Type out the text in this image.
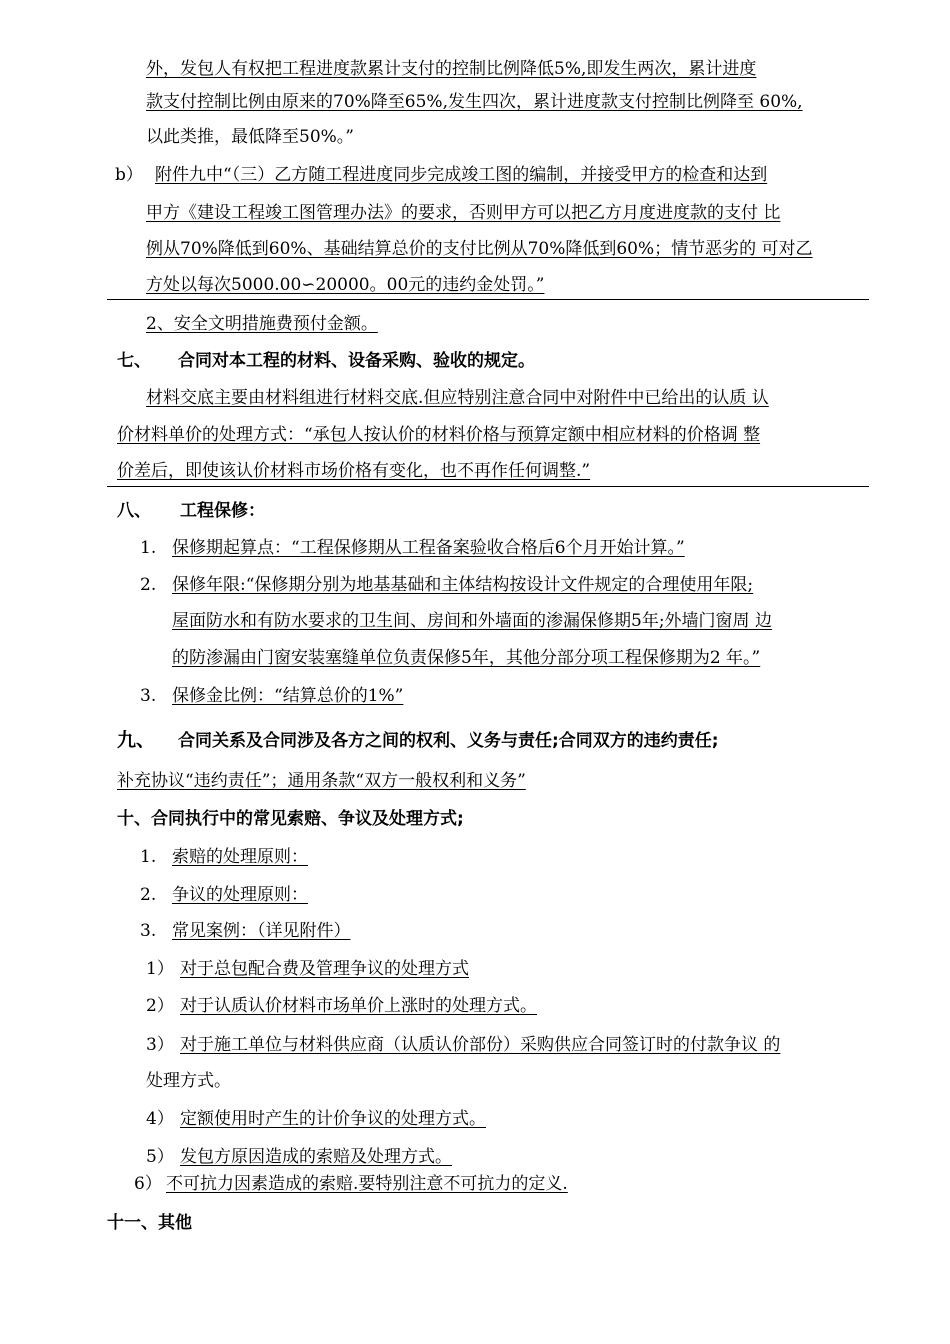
外，发包人有权把工程进度款累计支付的控制比例降低5%,即发生两次，累计进度
款支付控制比例由原来的70%降至65%,发生四次，累计进度款支付控制比例降至 60%,
以此类推，最低降至50%。”
b） 附件九中“（三）乙方随工程进度同步完成竣工图的编制，并接受甲方的检查和达到
甲方《建设工程竣工图管理办法》的要求，否则甲方可以把乙方月度进度款的支付 比
例从70%降低到60%、基础结算总价的支付比例从70%降低到60%；情节恶劣的 可对乙
方处以每次5000.00∽20000。00元的违约金处罚。”
2、安全文明措施费预付金额。
七、 合同对本工程的材料、设备采购、验收的规定。
材料交底主要由材料组进行材料交底.但应特别注意合同中对附件中已给出的认质 认
价材料单价的处理方式：“承包人按认价的材料价格与预算定额中相应材料的价格调 整
价差后，即使该认价材料市场价格有变化，也不再作任何调整.”
八、 工程保修：
1. 保修期起算点：“工程保修期从工程备案验收合格后6个月开始计算。”
2. 保修年限:“保修期分别为地基基础和主体结构按设计文件规定的合理使用年限;
屋面防水和有防水要求的卫生间、房间和外墙面的渗漏保修期5年;外墙门窗周 边
的防渗漏由门窗安装塞缝单位负责保修5年，其他分部分项工程保修期为2 年。”
3. 保修金比例：“结算总价的1%”
九、 合同关系及合同涉及各方之间的权利、义务与责任;合同双方的违约责任;
补充协议“违约责任”；通用条款“双方一般权利和义务”
十、合同执行中的常见索赔、争议及处理方式;
1. 索赔的处理原则：
2. 争议的处理原则：
3. 常见案例：（详见附件）
1） 对于总包配合费及管理争议的处理方式
2） 对于认质认价材料市场单价上涨时的处理方式。
3） 对于施工单位与材料供应商（认质认价部份）采购供应合同签订时的付款争议 的
处理方式。
4） 定额使用时产生的计价争议的处理方式。
5） 发包方原因造成的索赔及处理方式。
6） 不可抗力因素造成的索赔.要特别注意不可抗力的定义.
十一、其他
